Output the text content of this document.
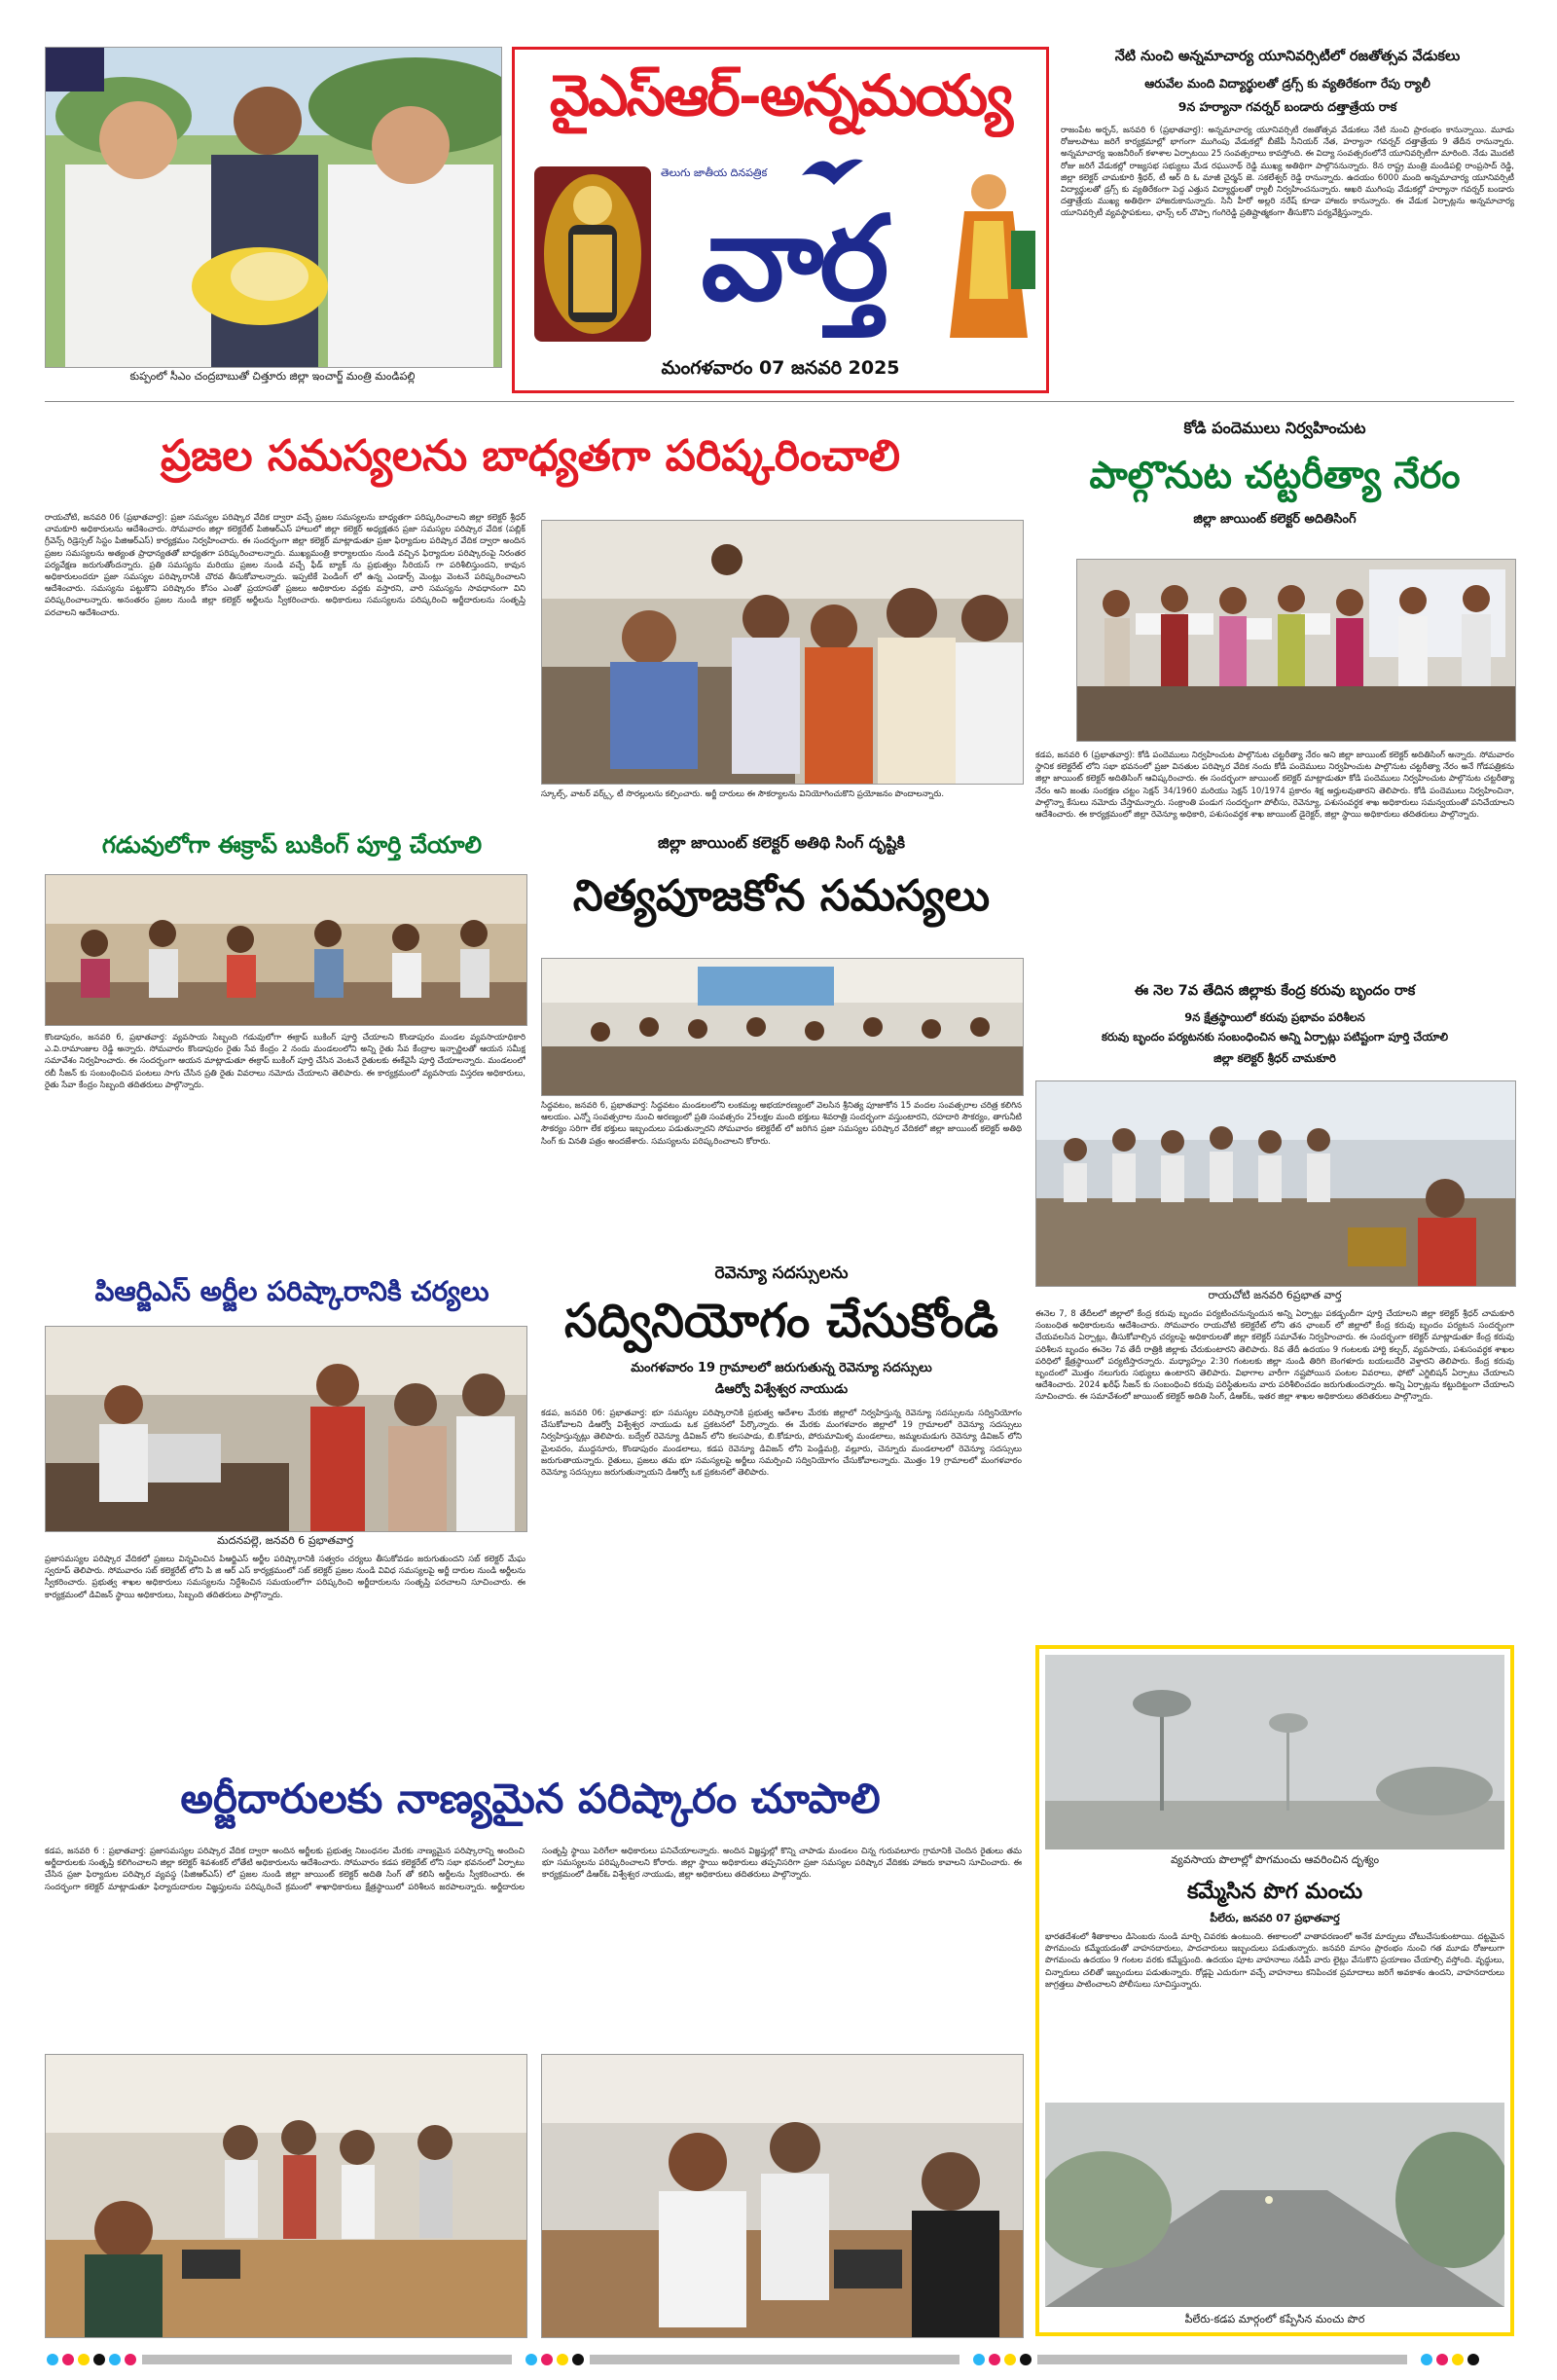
కుప్పంలో సీఎం చంద్రబాబుతో చిత్తూరు జిల్లా ఇంచార్జ్ మంత్రి మండిపల్లి
వైఎస్ఆర్-అన్నమయ్య
తెలుగు జాతీయ దినపత్రిక
వార్త
మంగళవారం 07 జనవరి 2025
నేటి నుంచి అన్నమాచార్య యూనివర్సిటీలో రజతోత్సవ వేడుకలు
ఆరువేల మంది విద్యార్థులతో డ్రగ్స్ కు వ్యతిరేకంగా రేపు ర్యాలీ
9న హర్యానా గవర్నర్ బండారు దత్తాత్రేయ రాక
రాజంపేట అర్బన్, జనవరి 6 (ప్రభాతవార్త): అన్నమాచార్య యూనివర్సిటీ రజతోత్సవ వేడుకలు నేటి నుంచి ప్రారంభం కానున్నాయి. మూడు రోజులపాటు జరిగే కార్యక్రమాల్లో భాగంగా ముగింపు వేడుకల్లో బీజేపీ సీనియర్ నేత, హర్యానా గవర్నర్ దత్తాత్రేయ 9 తేదీన రానున్నారు. అన్నమాచార్య ఇంజనీరింగ్ కళాశాల ఏర్పాటయి 25 సంవత్సరాలు కావస్తోంది. ఈ విద్యా సంవత్సరంలోనే యూనివర్సిటీగా మారింది. నేడు మొదటి రోజు జరిగే వేడుకల్లో రాజ్యసభ సభ్యులు మేడ రఘునాథ్ రెడ్డి ముఖ్య అతిథిగా పాల్గొననున్నారు. 8న రాష్ట్ర మంత్రి మండిపల్లి రాంప్రసాద్ రెడ్డి, జిల్లా కలెక్టర్ చామకూరి శ్రీధర్, టీ ఆర్ ది ఓ మాజీ చైర్మన్ జె. సకలేశ్వర్ రెడ్డి రానున్నారు. ఉదయం 6000 మంది అన్నమాచార్య యూనివర్సిటీ విద్యార్థులతో డ్రగ్స్ కు వ్యతిరేకంగా పెద్ద ఎత్తున విద్యార్థులతో ర్యాలీ నిర్వహించనున్నారు. ఆఖరి ముగింపు వేడుకల్లో హర్యానా గవర్నర్ బండారు దత్తాత్రేయ ముఖ్య అతిథిగా హాజరుకానున్నారు. సినీ హీరో అల్లరి నరేష్ కూడా హాజరు కానున్నారు. ఈ వేడుక ఏర్పాట్లను అన్నమాచార్య యూనివర్సిటీ వ్యవస్థాపకులు, ఛాన్స్ లర్ చొప్పా గంగిరెడ్డి ప్రతిష్టాత్మకంగా తీసుకొని పర్యవేక్షిస్తున్నారు.
ప్రజల సమస్యలను బాధ్యతగా పరిష్కరించాలి
రాయచోటి, జనవరి 06 (ప్రభాతవార్త): ప్రజా సమస్యల పరిష్కార వేదిక ద్వారా వచ్చే ప్రజల సమస్యలను బాధ్యతగా పరిష్కరించాలని జిల్లా కలెక్టర్ శ్రీధర్ చామకూరి అధికారులను ఆదేశించారు. సోమవారం జిల్లా కలెక్టరేట్ పిజిఆర్ఎస్ హాలులో జిల్లా కలెక్టర్ అధ్యక్షతన ప్రజా సమస్యల పరిష్కార వేదిక (పబ్లిక్ గ్రీవెన్స్ రిడ్రెస్సల్ సిస్టం పిజిఆర్ఎస్) కార్యక్రమం నిర్వహించారు. ఈ సందర్భంగా జిల్లా కలెక్టర్ మాట్లాడుతూ ప్రజా ఫిర్యాదుల పరిష్కార వేదిక ద్వారా అందిన ప్రజల సమస్యలను అత్యంత ప్రాధాన్యతతో బాధ్యతగా పరిష్కరించాలన్నారు. ముఖ్యమంత్రి కార్యాలయం నుండి వచ్చిన ఫిర్యాదుల పరిష్కారంపై నిరంతర పర్యవేక్షణ జరుగుతోందన్నారు. ప్రతి సమస్యను మరియు ప్రజల నుండి వచ్చే ఫీడ్ బ్యాక్ ను ప్రభుత్వం సీరియస్ గా పరిశీలిస్తుందని, కావున అధికారులందరూ ప్రజా సమస్యల పరిష్కారానికి చొరవ తీసుకోవాలన్నారు. ఇప్పటికే పెండింగ్ లో ఉన్న ఎండార్స్ మెంట్లు వెంటనే పరిష్కరించాలని ఆదేశించారు. సమస్యను పట్టుకొని పరిష్కారం కోసం ఎంతో ప్రయాసతో ప్రజలు అధికారుల వద్దకు వస్తారని, వారి సమస్యను సావధానంగా విని పరిష్కరించాలన్నారు. అనంతరం ప్రజల నుండి జిల్లా కలెక్టర్ అర్జీలను స్వీకరించారు. అధికారులు సమస్యలను పరిష్కరించి అర్జీదారులను సంతృప్తి పరచాలని ఆదేశించారు.
స్కూల్స్, వాటర్ వర్క్స్, టీ సొరల్లులను కల్పించారు. అర్జీ దారులు ఈ సౌకర్యాలను వినియోగించుకొని ప్రయోజనం పొందాలన్నారు.
కోడి పందెములు నిర్వహించుట
పాల్గొనుట చట్టరీత్యా నేరం
జిల్లా జాయింట్ కలెక్టర్ అదితిసింగ్
కడప, జనవరి 6 (ప్రభాతవార్త): కోడి పందెములు నిర్వహించుట పాల్గొనుట చట్టరీత్యా నేరం అని జిల్లా జాయింట్ కలెక్టర్ అదితిసింగ్ అన్నారు. సోమవారం స్థానిక కలెక్టరేట్ లోని సభా భవనంలో ప్రజా వినతుల పరిష్కార వేదిక నందు కోడి పందెములు నిర్వహించుట పాల్గొనుట చట్టరీత్యా నేరం అనే గోడపత్రికను జిల్లా జాయింట్ కలెక్టర్ అదితిసింగ్ ఆవిష్కరించారు. ఈ సందర్భంగా జాయింట్ కలెక్టర్ మాట్లాడుతూ కోడి పందెములు నిర్వహించుట పాల్గొనుట చట్టరీత్యా నేరం అని జంతు సంరక్షణ చట్టం సెక్షన్ 34/1960 మరియు సెక్షన్ 10/1974 ప్రకారం శిక్ష అర్హులవుతారని తెలిపారు. కోడి పందెములు నిర్వహించినా, పాల్గొన్నా కేసులు నమోదు చేస్తామన్నారు. సంక్రాంతి పండుగ సందర్భంగా పోలీసు, రెవెన్యూ, పశుసంవర్ధక శాఖ అధికారులు సమన్వయంతో పనిచేయాలని ఆదేశించారు. ఈ కార్యక్రమంలో జిల్లా రెవెన్యూ అధికారి, పశుసంవర్ధక శాఖ జాయింట్ డైరెక్టర్, జిల్లా స్థాయి అధికారులు తదితరులు పాల్గొన్నారు.
ఈ నెల 7వ తేదిన జిల్లాకు కేంద్ర కరువు బృందం రాక
9న క్షేత్రస్థాయిలో కరువు ప్రభావం పరిశీలన
కరువు బృందం పర్యటనకు సంబంధించిన అన్ని ఏర్పాట్లు పటిష్టంగా పూర్తి చేయాలి
జిల్లా కలెక్టర్ శ్రీధర్ చామకూరి
రాయచోటి జనవరి 6ప్రభాత వార్త
ఈనెల 7, 8 తేదీలలో జిల్లాలో కేంద్ర కరువు బృందం పర్యటించనున్నందున అన్ని ఏర్పాట్లు పకడ్బందీగా పూర్తి చేయాలని జిల్లా కలెక్టర్ శ్రీధర్ చామకూరి సంబంధిత అధికారులను ఆదేశించారు. సోమవారం రాయచోటి కలెక్టరేట్ లోని తన ఛాంబర్ లో జిల్లాలో కేంద్ర కరువు బృందం పర్యటన సందర్భంగా చేయవలసిన ఏర్పాట్లు, తీసుకోవాల్సిన చర్యలపై అధికారులతో జిల్లా కలెక్టర్ సమావేశం నిర్వహించారు. ఈ సందర్భంగా కలెక్టర్ మాట్లాడుతూ కేంద్ర కరువు పరిశీలన బృందం ఈనెల 7వ తేదీ రాత్రికి జిల్లాకు చేరుకుంటారని తెలిపారు. 8వ తేదీ ఉదయం 9 గంటలకు హార్టి కల్చర్, వ్యవసాయ, పశుసంవర్ధక శాఖల పరిధిలో క్షేత్రస్థాయిలో పర్యటిస్తారన్నారు. మధ్యాహ్నం 2:30 గంటలకు జిల్లా నుండి తిరిగి బెంగళూరు బయలుదేరి వెళ్తారని తెలిపారు. కేంద్ర కరువు బృందంలో మొత్తం నలుగురు సభ్యులు ఉంటారని తెలిపారు. విభాగాల వారీగా నష్టపోయిన పంటల వివరాలు, ఫోటో ఎగ్జిబిషన్ ఏర్పాటు చేయాలని ఆదేశించారు. 2024 ఖరీఫ్ సీజన్ కు సంబంధించి కరువు పరిస్థితులను వారు పరిశీలించడం జరుగుతుందన్నారు. అన్ని ఏర్పాట్లను కట్టుదిట్టంగా చేయాలని సూచించారు. ఈ సమావేశంలో జాయింట్ కలెక్టర్ అదితి సింగ్, డిఆర్ఓ, ఇతర జిల్లా శాఖల అధికారులు తదితరులు పాల్గొన్నారు.
గడువులోగా ఈక్రాప్ బుకింగ్ పూర్తి చేయాలి
కొండాపురం, జనవరి 6, ప్రభాతవార్త: వ్యవసాయ సిబ్బంది గడువులోగా ఈక్రాప్ బుకింగ్ పూర్తి చేయాలని కొండాపురం మండల వ్యవసాయాధికారి ఎ.వి.రామాంజుల రెడ్డి అన్నారు. సోమవారం కొండాపురం రైతు సేవ కేంద్రం 2 నందు మండలంలోని అన్ని రైతు సేవ కేంద్రాల ఇన్చార్జిలతో ఆయన సమీక్ష సమావేశం నిర్వహించారు. ఈ సందర్భంగా ఆయన మాట్లాడుతూ ఈక్రాప్ బుకింగ్ పూర్తి చేసిన వెంటనే రైతులకు ఈకేవైసీ పూర్తి చేయాలన్నారు. మండలంలో రబీ సీజన్ కు సంబంధించిన పంటలు సాగు చేసిన ప్రతి రైతు వివరాలు నమోదు చేయాలని తెలిపారు. ఈ కార్యక్రమంలో వ్యవసాయ విస్తరణ అధికారులు, రైతు సేవా కేంద్రం సిబ్బంది తదితరులు పాల్గొన్నారు.
జిల్లా జాయింట్ కలెక్టర్ అతిథి సింగ్ దృష్టికి
నిత్యపూజకోన సమస్యలు
సిద్ధవటం, జనవరి 6, ప్రభాతవార్త: సిద్ధవటం మండలంలోని లంకమల్ల అభయారణ్యంలో వెలసిన శ్రీనిత్య పూజాకోన 15 వందల సంవత్సరాల చరిత్ర కలిగిన ఆలయం. ఎన్నో సంవత్సరాల నుంచి అరణ్యంలో ప్రతి సంవత్సరం 25లక్షల మంది భక్తులు శివరాత్రి సందర్భంగా వస్తుంటారని, రహదారి సౌకర్యం, తాగునీటి సౌకర్యం సరిగా లేక భక్తులు ఇబ్బందులు పడుతున్నారని సోమవారం కలెక్టరేట్ లో జరిగిన ప్రజా సమస్యల పరిష్కార వేదికలో జిల్లా జాయింట్ కలెక్టర్ అతిథి సింగ్ కు వినతి పత్రం అందజేశారు. సమస్యలను పరిష్కరించాలని కోరారు.
రెవెన్యూ సదస్సులను
పిఆర్జిఎస్ అర్జీల పరిష్కారానికి చర్యలు
మదనపల్లె, జనవరి 6 ప్రభాతవార్త
ప్రజాసమస్యల పరిష్కార వేదికలో ప్రజలు విన్నవించిన పిఆర్జిఎస్ అర్జీల పరిష్కారానికి సత్వరం చర్యలు తీసుకోవడం జరుగుతుందని సబ్ కలెక్టర్ మేఘ స్వరూప్ తెలిపారు. సోమవారం సబ్ కలెక్టరేట్ లోని పి జి ఆర్ ఎస్ కార్యక్రమంలో సబ్ కలెక్టర్ ప్రజల నుండి వివిధ సమస్యలపై అర్జీ దారుల నుండి అర్జీలను స్వీకరించారు. ప్రభుత్వ శాఖల అధికారులు సమస్యలను నిర్దేశించిన సమయంలోగా పరిష్కరించి అర్జీదారులను సంతృప్తి పరచాలని సూచించారు. ఈ కార్యక్రమంలో డివిజన్ స్థాయి అధికారులు, సిబ్బంది తదితరులు పాల్గొన్నారు.
సద్వినియోగం చేసుకోండి
మంగళవారం 19 గ్రామాలలో జరుగుతున్న రెవెన్యూ సదస్సులు
డిఆర్వో విశ్వేశ్వర నాయుడు
కడప, జనవరి 06: ప్రభాతవార్త: భూ సమస్యల పరిష్కారానికి ప్రభుత్వ ఆదేశాల మేరకు జిల్లాలో నిర్వహిస్తున్న రెవెన్యూ సదస్సులను సద్వినియోగం చేసుకోవాలని డిఆర్వో విశ్వేశ్వర నాయుడు ఒక ప్రకటనలో పేర్కొన్నారు. ఈ మేరకు మంగళవారం జిల్లాలో 19 గ్రామాలలో రెవెన్యూ సదస్సులు నిర్వహిస్తున్నట్లు తెలిపారు. బద్వేల్ రెవెన్యూ డివిజన్ లోని కలసపాడు, బి.కోడూరు, పోరుమామిళ్ళ మండలాలు, జమ్మలమడుగు రెవెన్యూ డివిజన్ లోని మైలవరం, ముద్దనూరు, కొండాపురం మండలాలు, కడప రెవెన్యూ డివిజన్ లోని పెండ్లిమర్రి, వల్లూరు, చెన్నూరు మండలాలలో రెవెన్యూ సదస్సులు జరుగుతాయన్నారు. రైతులు, ప్రజలు తమ భూ సమస్యలపై అర్జీలు సమర్పించి సద్వినియోగం చేసుకోవాలన్నారు. మొత్తం 19 గ్రామాలలో మంగళవారం రెవెన్యూ సదస్సులు జరుగుతున్నాయని డిఆర్వో ఒక ప్రకటనలో తెలిపారు.
వ్యవసాయ పొలాల్లో పొగమంచు ఆవరించిన దృశ్యం
కమ్మేసిన పొగ మంచు
పీలేరు, జనవరి 07 ప్రభాతవార్త
భారతదేశంలో శీతాకాలం డిసెంబరు నుండి మార్చి చివరకు ఉంటుంది. ఈకాలంలో వాతావరణంలో అనేక మార్పులు చోటుచేసుకుంటాయి. దట్టమైన పొగమంచు కమ్మేయడంతో వాహనదారులు, పాదచారులు ఇబ్బందులు పడుతున్నారు. జనవరి మాసం ప్రారంభం నుంచి గత మూడు రోజులుగా పొగమంచు ఉదయం 9 గంటల వరకు కమ్మేస్తుంది. ఉదయం పూట వాహనాలు నడిపే వారు లైట్లు వేసుకొని ప్రయాణం చేయాల్సి వస్తోంది. వృద్ధులు, చిన్నారులు చలితో ఇబ్బందులు పడుతున్నారు. రోడ్లపై ఎదురుగా వచ్చే వాహనాలు కనిపించక ప్రమాదాలు జరిగే అవకాశం ఉందని, వాహనదారులు జాగ్రత్తలు పాటించాలని పోలీసులు సూచిస్తున్నారు.
పీలేరు-కడప మార్గంలో కప్పేసిన మంచు పొర
అర్జీదారులకు నాణ్యమైన పరిష్కారం చూపాలి
కడప, జనవరి 6 : ప్రభాతవార్త: ప్రజాసమస్యల పరిష్కార వేదిక ద్వారా అందిన అర్జీలకు ప్రభుత్వ నిబంధనల మేరకు నాణ్యమైన పరిష్కారాన్ని అందించి అర్జీదారులకు సంతృప్తి కలిగించాలని జిల్లా కలెక్టర్ శివశంకర్ లోతేటి అధికారులను ఆదేశించారు. సోమవారం కడప కలెక్టరేట్ లోని సభా భవనంలో ఏర్పాటు చేసిన ప్రజా ఫిర్యాదుల పరిష్కార వ్యవస్థ (పిజిఆర్ఎస్) లో ప్రజల నుండి జిల్లా జాయింట్ కలెక్టర్ అదితి సింగ్ తో కలిసి అర్జీలను స్వీకరించారు. ఈ సందర్భంగా కలెక్టర్ మాట్లాడుతూ ఫిర్యాదుదారుల విజ్ఞప్తులను పరిష్కరించే క్రమంలో శాఖాధికారులు క్షేత్రస్థాయిలో పరిశీలన జరపాలన్నారు. అర్జీదారుల సంతృప్తి స్థాయి పెరిగేలా అధికారులు పనిచేయాలన్నారు. అందిన విజ్ఞప్తుల్లో కొన్ని చాపాడు మండలం చిన్న గురువలూరు గ్రామానికి చెందిన రైతులు తమ భూ సమస్యలను పరిష్కరించాలని కోరారు. జిల్లా స్థాయి అధికారులు తప్పనిసరిగా ప్రజా సమస్యల పరిష్కార వేదికకు హాజరు కావాలని సూచించారు. ఈ కార్యక్రమంలో డిఆర్ఓ విశ్వేశ్వర నాయుడు, జిల్లా అధికారులు తదితరులు పాల్గొన్నారు.
